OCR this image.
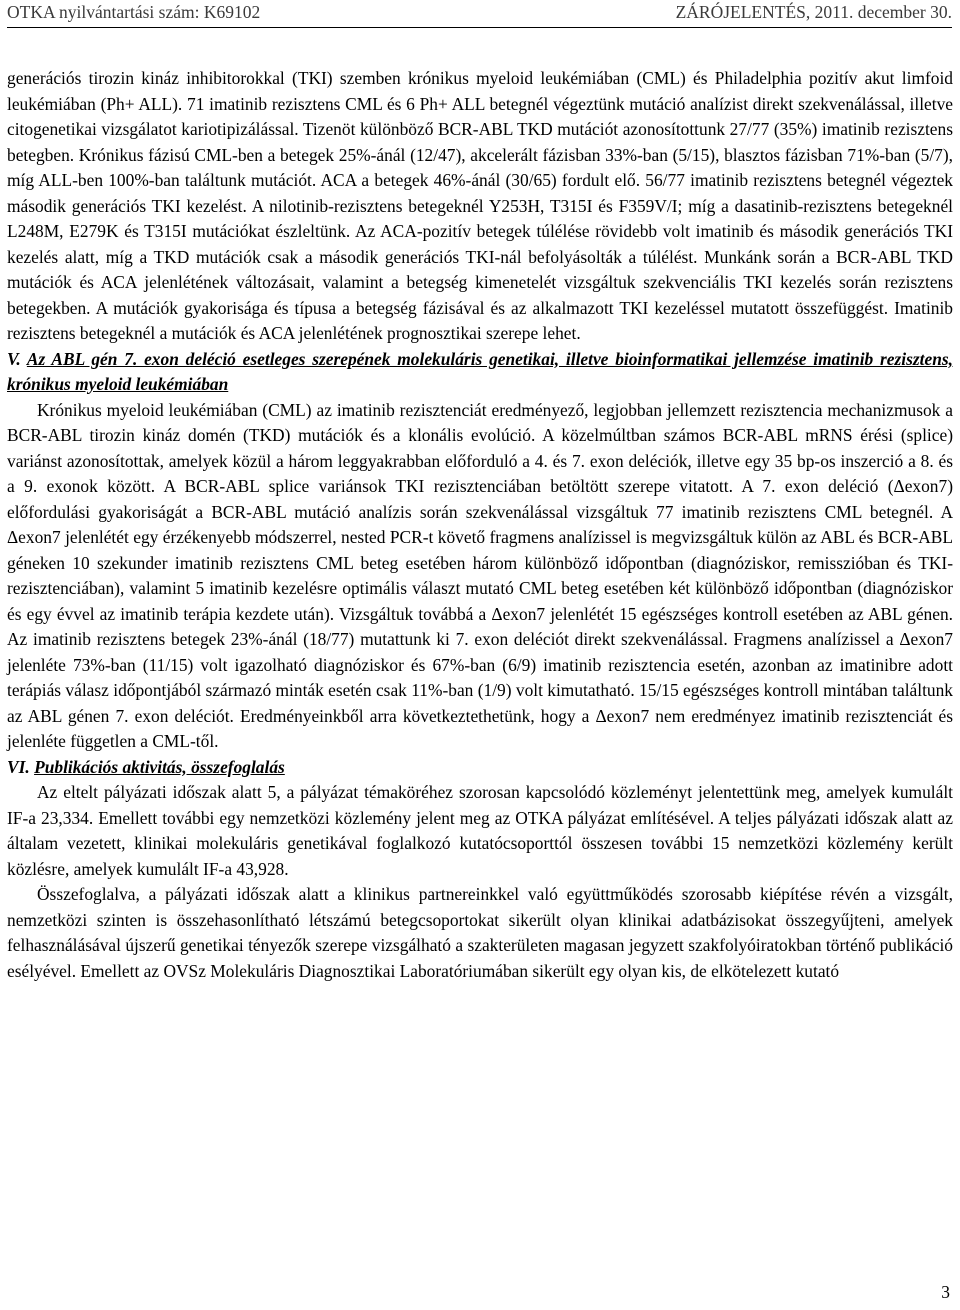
OTKA nyilvántartási szám: K69102	ZÁRÓJELENTÉS, 2011. december 30.

generációs tirozin kináz inhibitorokkal (TKI) szemben krónikus myeloid leukémiában (CML) és Philadelphia pozitív akut limfoid leukémiában (Ph+ ALL). 71 imatinib rezisztens CML és 6 Ph+ ALL betegnél végeztünk mutáció analízist direkt szekvenálással, illetve citogenetikai vizsgálatot kariotipizálással. Tizenöt különböző BCR-ABL TKD mutációt azonosítottunk 27/77 (35%) imatinib rezisztens betegben. Krónikus fázisú CML-ben a betegek 25%-ánál (12/47), akcelerált fázisban 33%-ban (5/15), blasztos fázisban 71%-ban (5/7), míg ALL-ben 100%-ban találtunk mutációt. ACA a betegek 46%-ánál (30/65) fordult elő. 56/77 imatinib rezisztens betegnél végeztek második generációs TKI kezelést. A nilotinib-rezisztens betegeknél Y253H, T315I és F359V/I; míg a dasatinib-rezisztens betegeknél L248M, E279K és T315I mutációkat észleltünk. Az ACA-pozitív betegek túlélése rövidebb volt imatinib és második generációs TKI kezelés alatt, míg a TKD mutációk csak a második generációs TKI-nál befolyásolták a túlélést. Munkánk során a BCR-ABL TKD mutációk és ACA jelenlétének változásait, valamint a betegség kimenetelét vizsgáltuk szekvenciális TKI kezelés során rezisztens betegekben. A mutációk gyakorisága és típusa a betegség fázisával és az alkalmazott TKI kezeléssel mutatott összefüggést. Imatinib rezisztens betegeknél a mutációk és ACA jelenlétének prognosztikai szerepe lehet.

V. Az ABL gén 7. exon deléció esetleges szerepének molekuláris genetikai, illetve bioinformatikai jellemzése imatinib rezisztens, krónikus myeloid leukémiában

Krónikus myeloid leukémiában (CML) az imatinib rezisztenciát eredményező, legjobban jellemzett rezisztencia mechanizmusok a BCR-ABL tirozin kináz domén (TKD) mutációk és a klonális evolúció. A közelmúltban számos BCR-ABL mRNS érési (splice) variánst azonosítottak, amelyek közül a három leggyakrabban előforduló a 4. és 7. exon deléciók, illetve egy 35 bp-os inszerció a 8. és a 9. exonok között. A BCR-ABL splice variánsok TKI rezisztenciában betöltött szerepe vitatott. A 7. exon deléció (Δexon7) előfordulási gyakoriságát a BCR-ABL mutáció analízis során szekvenálással vizsgáltuk 77 imatinib rezisztens CML betegnél. A Δexon7 jelenlétét egy érzékenyebb módszerrel, nested PCR-t követő fragmens analízissel is megvizsgáltuk külön az ABL és BCR-ABL géneken 10 szekunder imatinib rezisztens CML beteg esetében három különböző időpontban (diagnóziskor, remisszióban és TKI-rezisztenciában), valamint 5 imatinib kezelésre optimális választ mutató CML beteg esetében két különböző időpontban (diagnóziskor és egy évvel az imatinib terápia kezdete után). Vizsgáltuk továbbá a Δexon7 jelenlétét 15 egészséges kontroll esetében az ABL génen. Az imatinib rezisztens betegek 23%-ánál (18/77) mutattunk ki 7. exon deléciót direkt szekvenálással. Fragmens analízissel a Δexon7 jelenléte 73%-ban (11/15) volt igazolható diagnóziskor és 67%-ban (6/9) imatinib rezisztencia esetén, azonban az imatinibre adott terápiás válasz időpontjából származó minták esetén csak 11%-ban (1/9) volt kimutatható. 15/15 egészséges kontroll mintában találtunk az ABL génen 7. exon deléciót. Eredményeinkből arra következtethetünk, hogy a Δexon7 nem eredményez imatinib rezisztenciát és jelenléte független a CML-től.

VI. Publikációs aktivitás, összefoglalás

Az eltelt pályázati időszak alatt 5, a pályázat témaköréhez szorosan kapcsolódó közleményt jelentettünk meg, amelyek kumulált IF-a 23,334. Emellett további egy nemzetközi közlemény jelent meg az OTKA pályázat említésével. A teljes pályázati időszak alatt az általam vezetett, klinikai molekuláris genetikával foglalkozó kutatócsoporttól összesen további 15 nemzetközi közlemény került közlésre, amelyek kumulált IF-a 43,928.

Összefoglalva, a pályázati időszak alatt a klinikus partnereinkkel való együttműködés szorosabb kiépítése révén a vizsgált, nemzetközi szinten is összehasonlítható létszámú betegcsoportokat sikerült olyan klinikai adatbázisokat összegyűjteni, amelyek felhasználásával újszerű genetikai tényezők szerepe vizsgálható a szakterületen magasan jegyzett szakfolyóiratokban történő publikáció esélyével. Emellett az OVSz Molekuláris Diagnosztikai Laboratóriumában sikerült egy olyan kis, de elkötelezett kutató

3
